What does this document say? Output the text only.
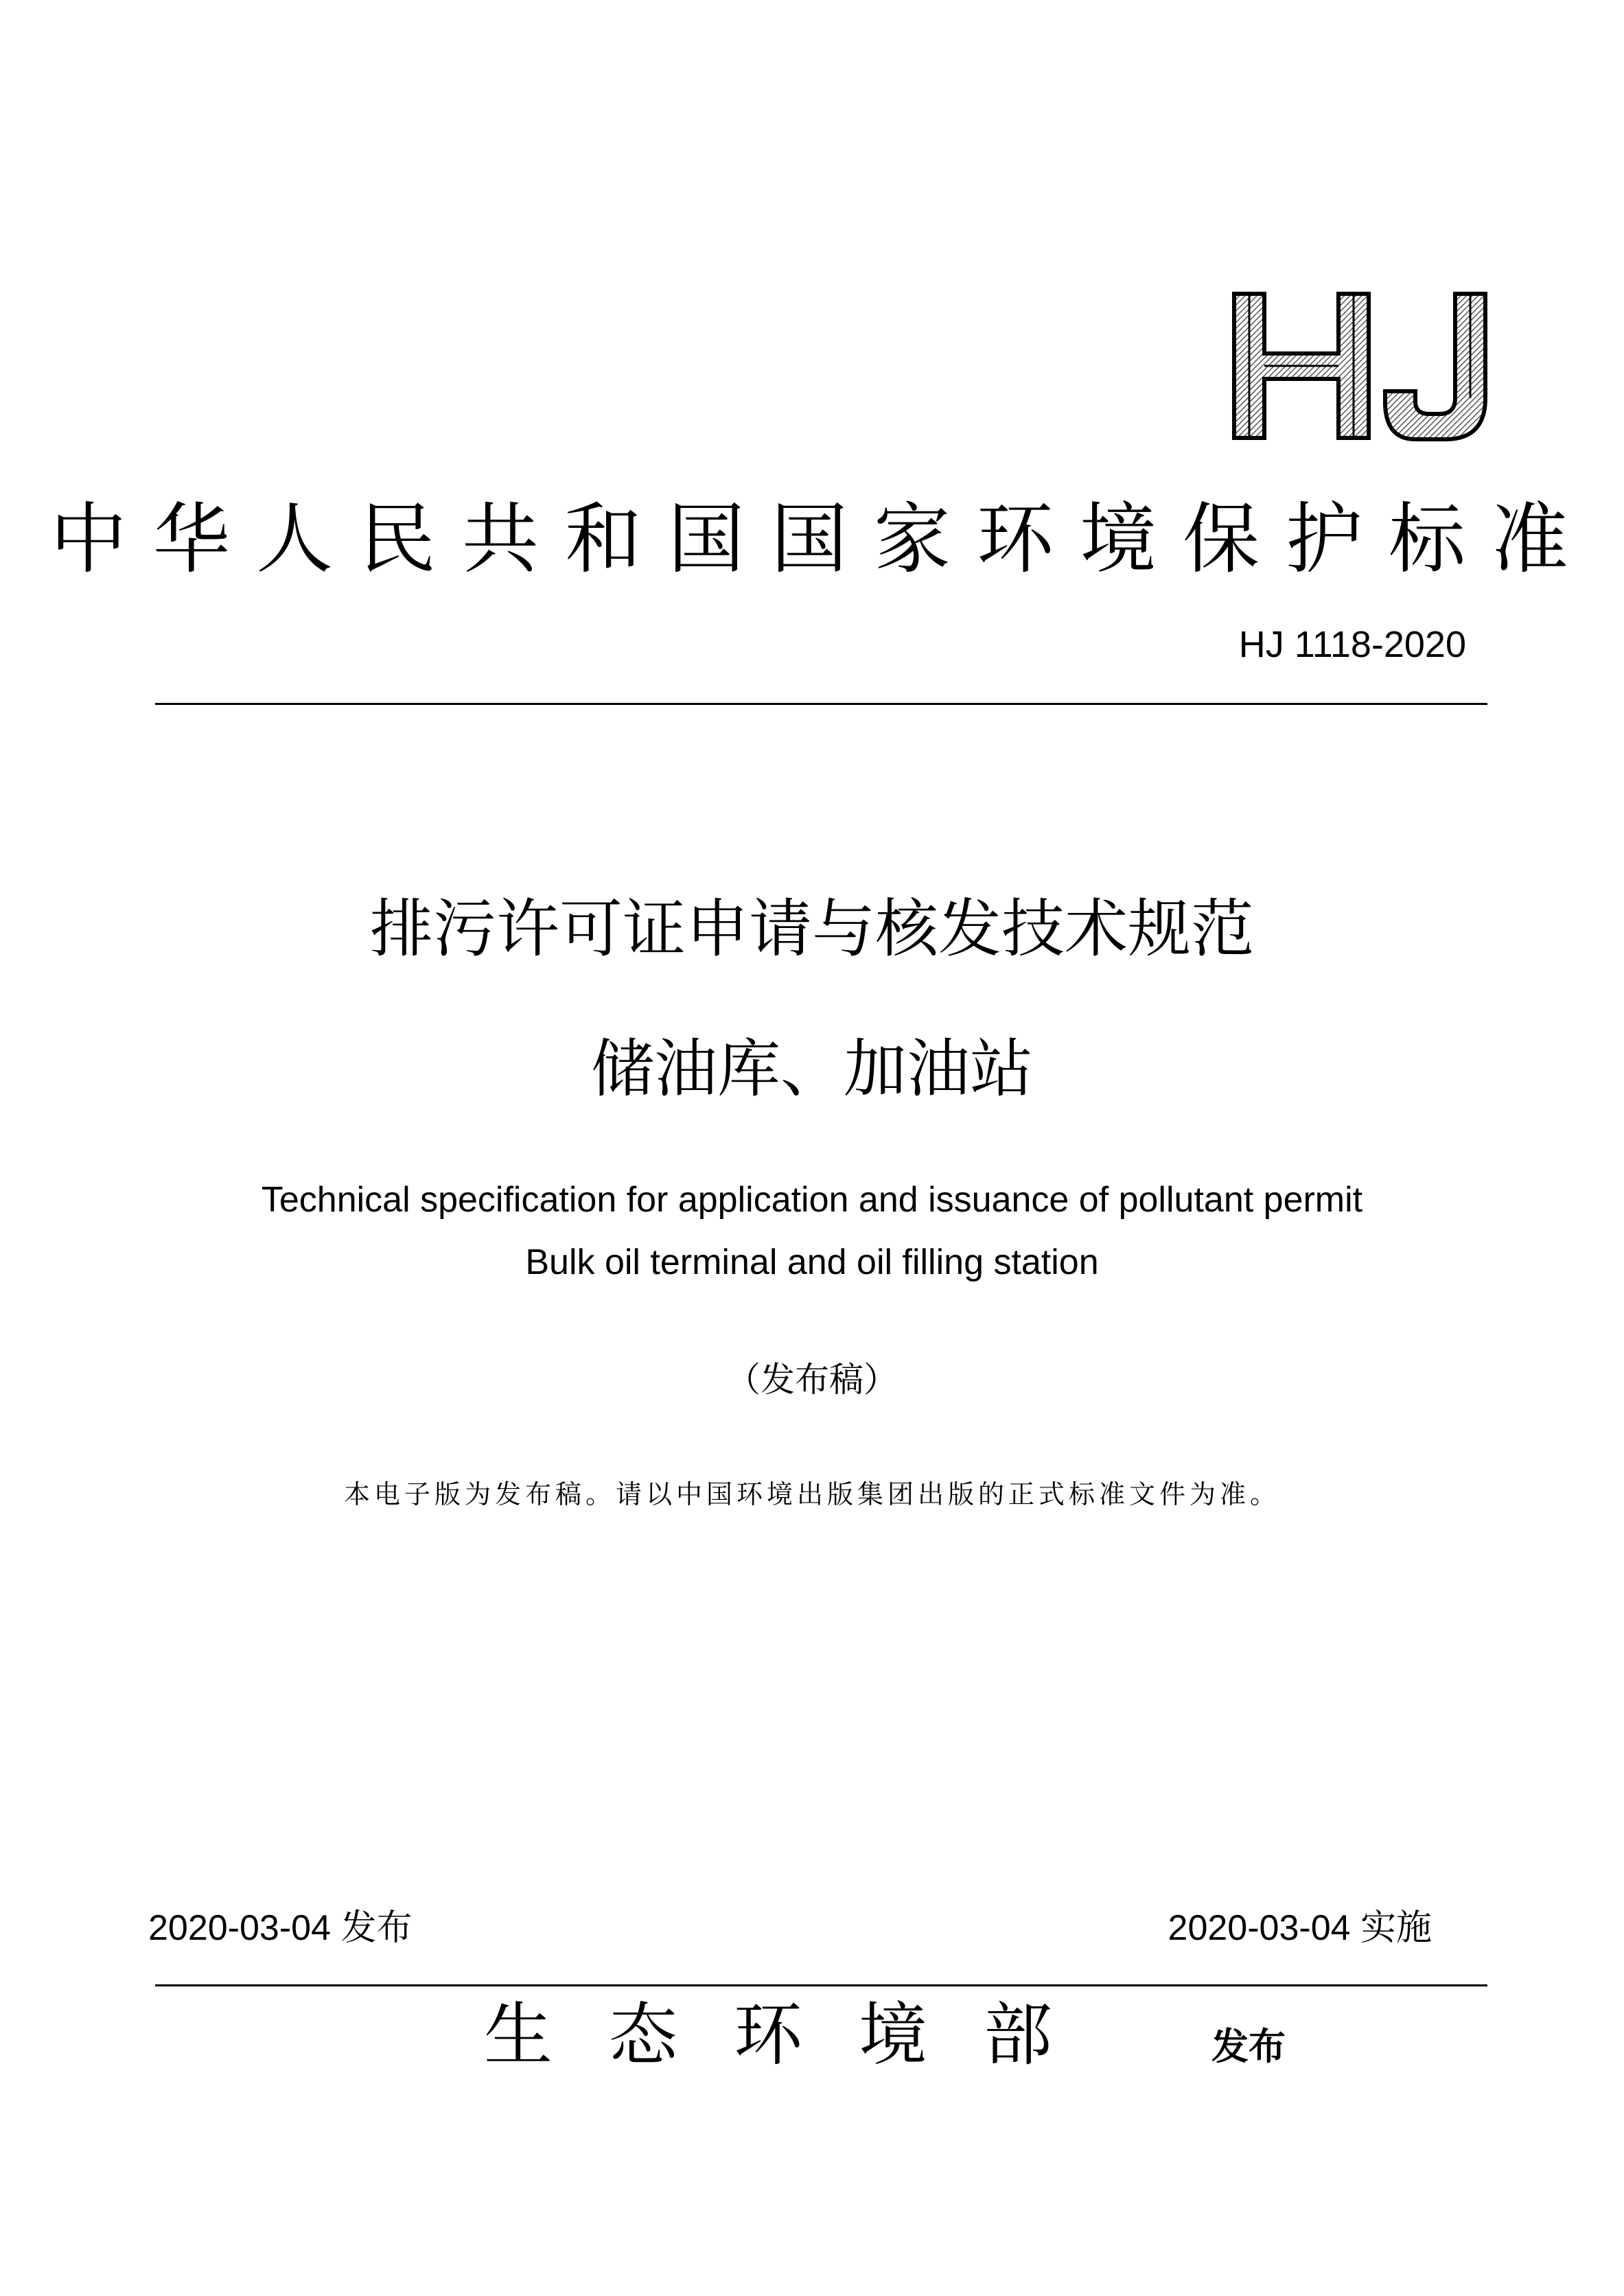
中华人民共和国国家环境保护标准
HJ 1118-2020
排污许可证申请与核发技术规范
储油库、加油站
Technical specification for application and issuance of pollutant permit
Bulk oil terminal and oil filling station
（发布稿）
本电子版为发布稿。请以中国环境出版集团出版的正式标准文件为准。
2020-03-04 发布	2020-03-04 实施
生态环境部	发布
